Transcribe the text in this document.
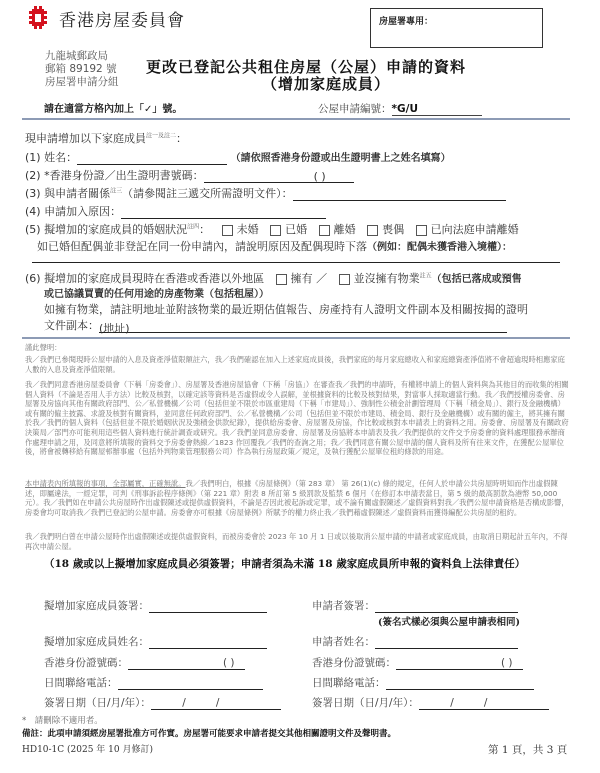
香港房屋委員會
九龍城郵政局
郵箱 89192 號
房屋署申請分組
房屋署專用：
更改已登記公共租住房屋（公屋）申請的資料
（增加家庭成員）
請在適當方格內加上「✓」號。	公屋申請編號：*G/U
現申請增加以下家庭成員$^{註一及註二}$：
(1) 姓名：	（請依照香港身份證或出生證明書上之姓名填寫）
(2) *香港身份證／出生證明書號碼：	( )
(3) 與申請者關係$^{註三}$（請參閱註三遞交所需證明文件）：
(4) 申請加入原因：
(5) 擬增加的家庭成員的婚姻狀況$^{註四}$： 未婚 已婚 離婚 喪偶 已向法庭申請離婚
如已婚但配偶並非登記在同一份申請內，請說明原因及配偶現時下落（例如：配偶未獲香港入境權）：
(6) 擬增加的家庭成員現時在香港或香港以外地區 擁有 ／ 並沒擁有物業$^{註五}$（包括已落成或預售
或已協議買賣的任何用途的房產物業（包括租屋））
如擁有物業，請註明地址並附該物業的最近期估值報告、房產持有人證明文件副本及相關按揭的證明
文件副本：(地址)
謹此聲明：
我／我們已參閱現時公屋申請的入息及資產淨值限額註六，我／我們確認在加入上述家庭成員後，我們家庭的每月家庭總收入和家庭總資產淨值將不會超逾現時相應家庭人數的入息及資產淨值限額。
我／我們同意香港房屋委員會（下稱「房委會」）、房屋署及香港房屋協會（下稱「房協」）在審查我／我們的申請時，有權將申請上的個人資料與為其他目的而收集的相關個人資料（不論是否用人手方法）比較及核對，以確定該等資料是否虛假或令人誤解，並根據資料的比較及核對結果，對當事人採取適當行動。我／我們授權房委會、房屋署及房協向其他有關政府部門、公／私營機構／公司（包括但並不限於市區重建局（下稱「市建局」）、強制性公積金計劃管理局（下稱「積金局」）、銀行及金融機構）或有關的僱主披露、求證及核對有關資料，並同意任何政府部門、公／私營機構／公司（包括但並不限於市建局、積金局、銀行及金融機構）或有關的僱主，將其擁有關於我／我們的個人資料（包括但並不限於婚姻狀況及強積金供款紀錄），提供給房委會、房屋署及房協，作比較或核對本申請表上的資料之用。房委會、房屋署及有關政府決策局／部門亦可能利用這些個人資料進行統計調查或研究。我／我們並同意房委會、房屋署及房協將本申請表及我／我們提供的文件交予房委會的資料處理服務承辦商作處理申請之用，及同意將所填報的資料交予房委會熱線／1823 作回覆我／我們的查詢之用；我／我們同意有關公屋申請的個人資料及所有往來文件，在獲配公屋單位後，將會被轉移給有關屋邨辦事處（包括外判物業管理服務公司）作為執行房屋政策／規定，及執行獲配公屋單位租約條款的用途。
本申請表內所填報的事項，全部屬實，正確無訛。我／我們明白，根據《房屋條例》（第 283 章） 第 26(1)(c) 條的規定，任何人於申請公共房屋時明知而作出虛假陳述，即屬違法，一經定罪，可判《刑事訴訟程序條例》（第 221 章）附表 8 所訂第 5 級罰款及監禁 6 個月（在修訂本申請表當日，第 5 級的最高罰款為港幣 50,000 元）。我／我們如在申請公共房屋時作出虛假陳述或提供虛假資料，不論是否因此被起訴或定罪，或不論有關虛假陳述／虛假資料對我／我們公屋申請資格是否構成影響，房委會均可取消我／我們已登記的公屋申請。房委會亦可根據《房屋條例》所賦予的權力終止我／我們藉虛假陳述／虛假資料而獲得編配公共房屋的租約。
我／我們明白曾在申請公屋時作出虛假陳述或提供虛假資料，而被房委會於 2023 年 10 月 1 日或以後取消公屋申請的申請者或家庭成員，由取消日期起計五年內，不得再次申請公屋。
（18 歲或以上擬增加家庭成員必須簽署；申請者須為未滿 18 歲家庭成員所申報的資料負上法律責任）
擬增加家庭成員簽署：
擬增加家庭成員姓名：
香港身份證號碼：	( )
日間聯絡電話：
簽署日期（日/月/年）：	//
申請者簽署：
(簽名式樣必須與公屋申請表相同)
申請者姓名：
香港身份證號碼：	( )
日間聯絡電話：
簽署日期（日/月/年）：	//
*　請刪除不適用者。
備註：此項申請須經房屋署批准方可作實。房屋署可能要求申請者提交其他相關證明文件及聲明書。
HD10-1C (2025 年 10 月修訂)	第 1 頁，共 3 頁
